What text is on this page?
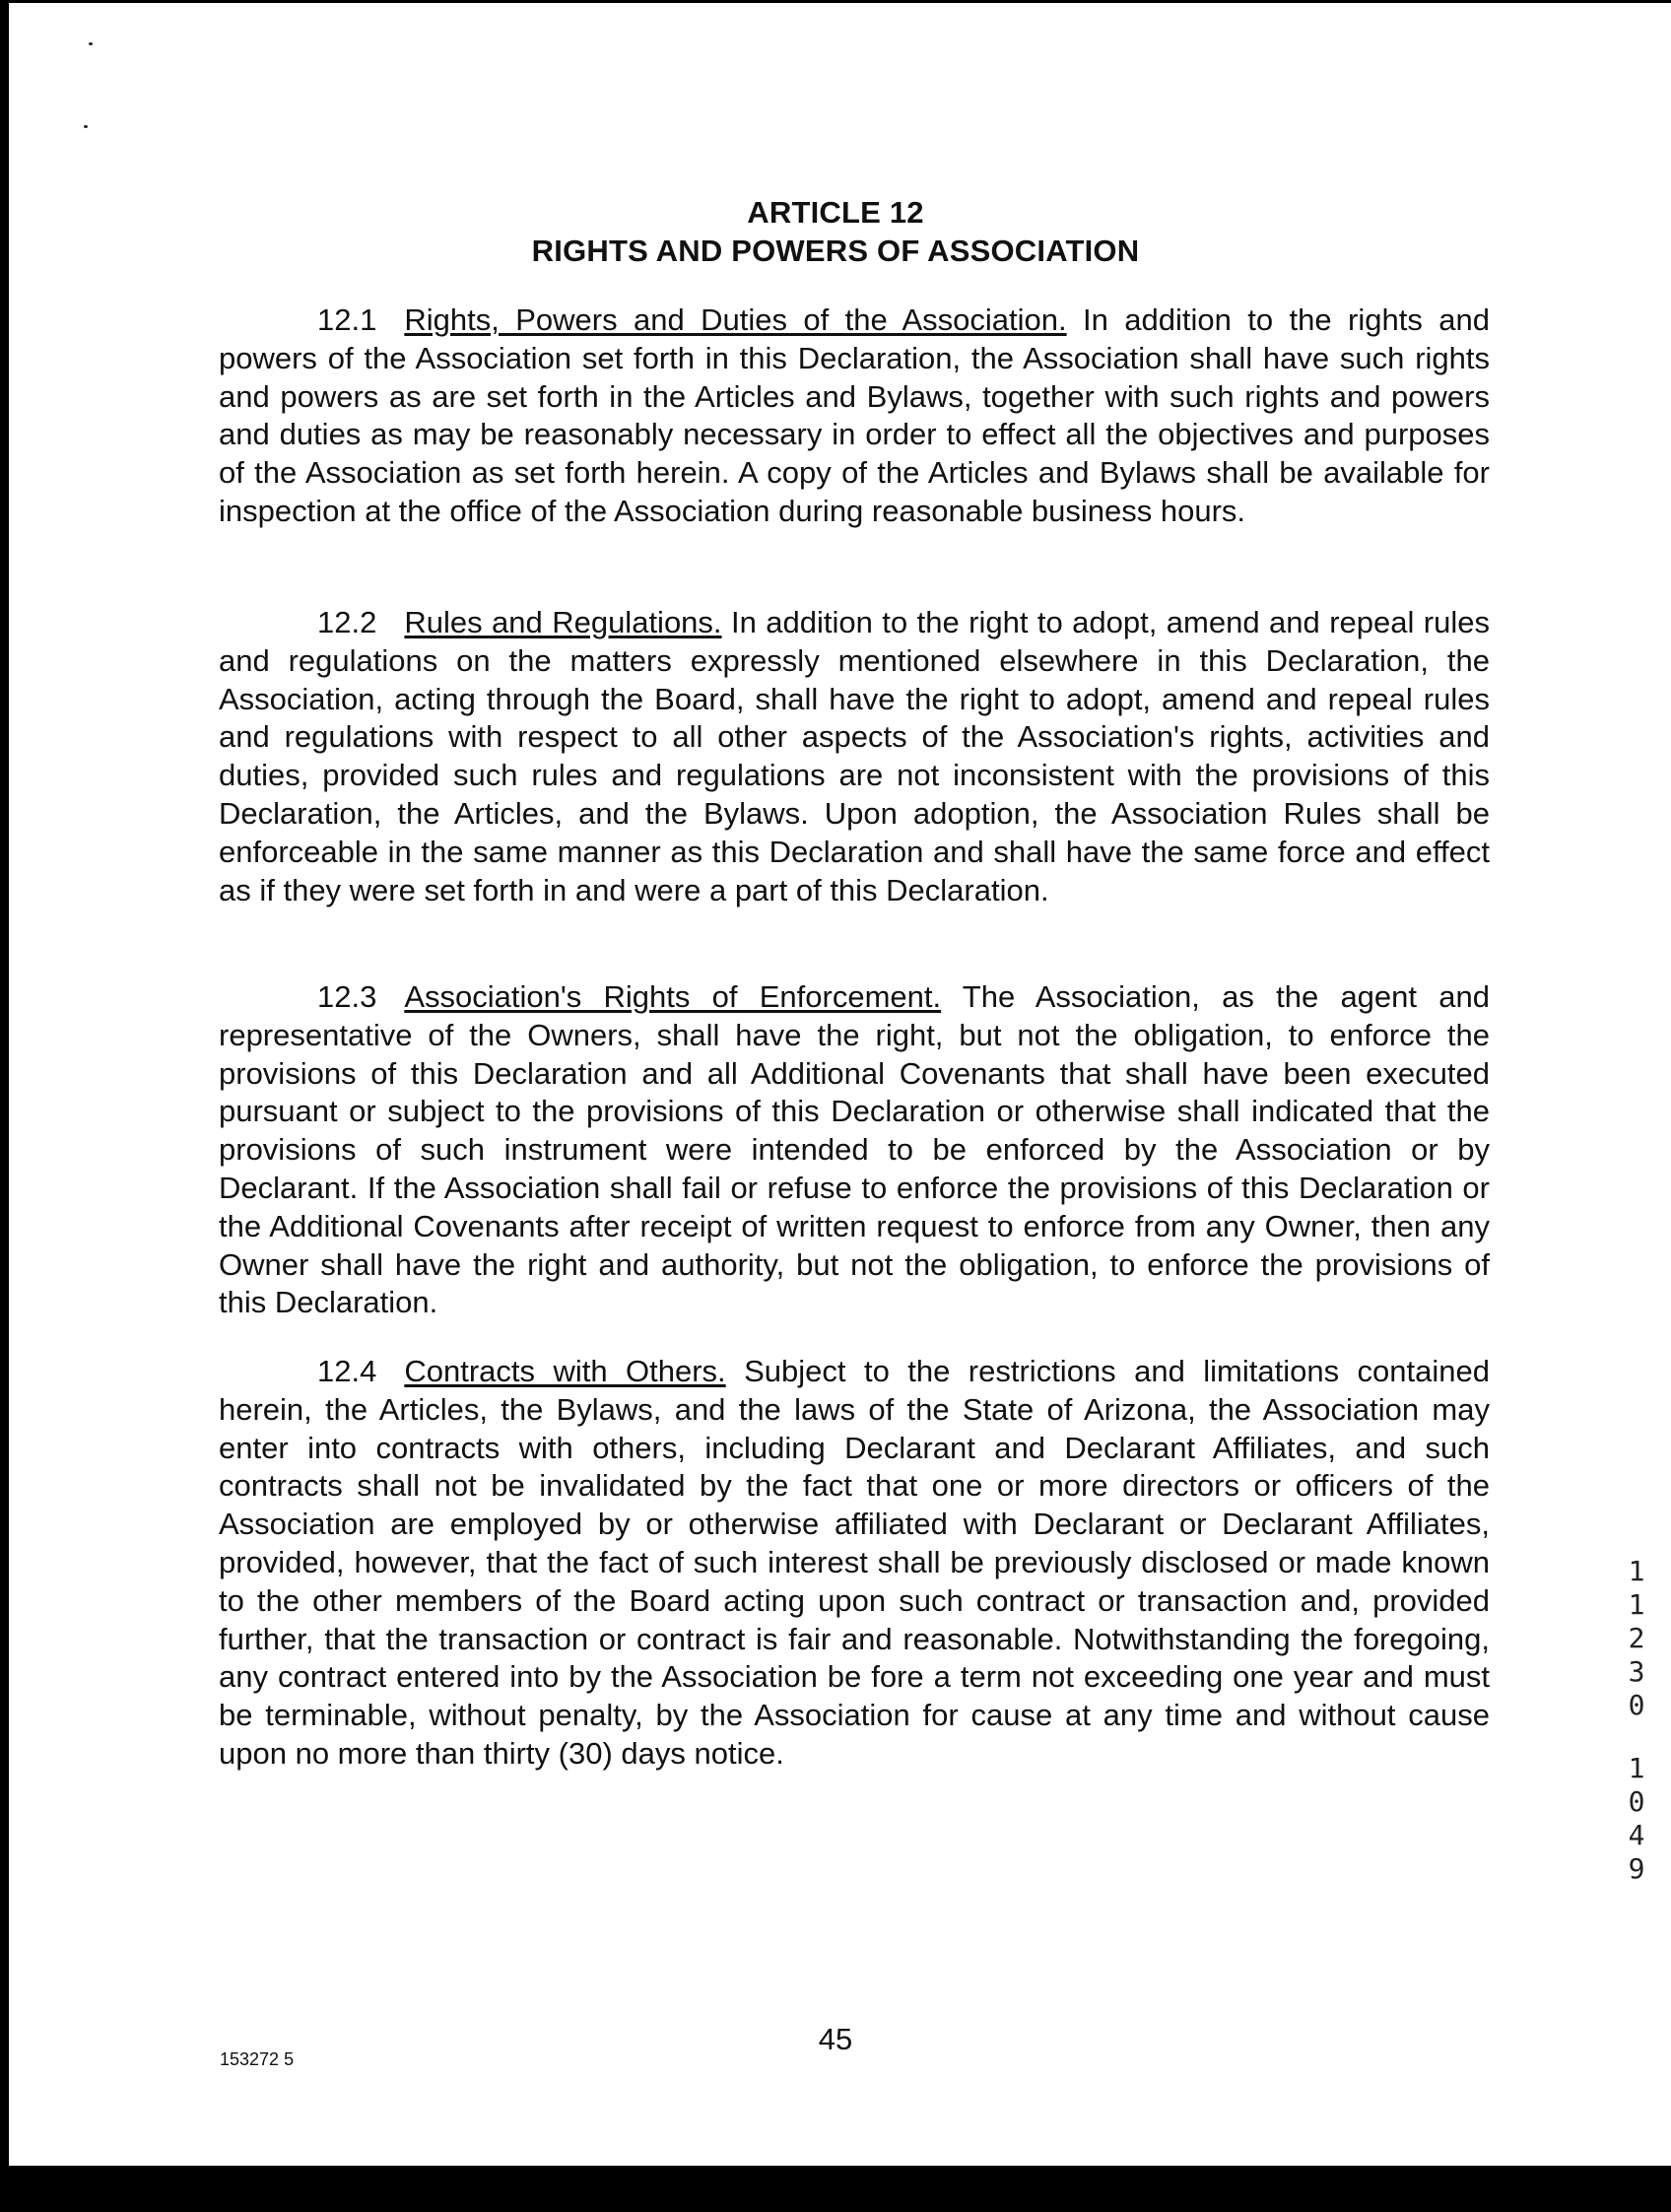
ARTICLE 12
RIGHTS AND POWERS OF ASSOCIATION

12.1 Rights, Powers and Duties of the Association. In addition to the rights and powers of the Association set forth in this Declaration, the Association shall have such rights and powers as are set forth in the Articles and Bylaws, together with such rights and powers and duties as may be reasonably necessary in order to effect all the objectives and purposes of the Association as set forth herein. A copy of the Articles and Bylaws shall be available for inspection at the office of the Association during reasonable business hours.

12.2 Rules and Regulations. In addition to the right to adopt, amend and repeal rules and regulations on the matters expressly mentioned elsewhere in this Declaration, the Association, acting through the Board, shall have the right to adopt, amend and repeal rules and regulations with respect to all other aspects of the Association's rights, activities and duties, provided such rules and regulations are not inconsistent with the provisions of this Declaration, the Articles, and the Bylaws. Upon adoption, the Association Rules shall be enforceable in the same manner as this Declaration and shall have the same force and effect as if they were set forth in and were a part of this Declaration.

12.3 Association's Rights of Enforcement. The Association, as the agent and representative of the Owners, shall have the right, but not the obligation, to enforce the provisions of this Declaration and all Additional Covenants that shall have been executed pursuant or subject to the provisions of this Declaration or otherwise shall indicated that the provisions of such instrument were intended to be enforced by the Association or by Declarant. If the Association shall fail or refuse to enforce the provisions of this Declaration or the Additional Covenants after receipt of written request to enforce from any Owner, then any Owner shall have the right and authority, but not the obligation, to enforce the provisions of this Declaration.

12.4 Contracts with Others. Subject to the restrictions and limitations contained herein, the Articles, the Bylaws, and the laws of the State of Arizona, the Association may enter into contracts with others, including Declarant and Declarant Affiliates, and such contracts shall not be invalidated by the fact that one or more directors or officers of the Association are employed by or otherwise affiliated with Declarant or Declarant Affiliates, provided, however, that the fact of such interest shall be previously disclosed or made known to the other members of the Board acting upon such contract or transaction and, provided further, that the transaction or contract is fair and reasonable. Notwithstanding the foregoing, any contract entered into by the Association be fore a term not exceeding one year and must be terminable, without penalty, by the Association for cause at any time and without cause upon no more than thirty (30) days notice.

45
153272 5
1
1
2
3
0
1
0
4
9
